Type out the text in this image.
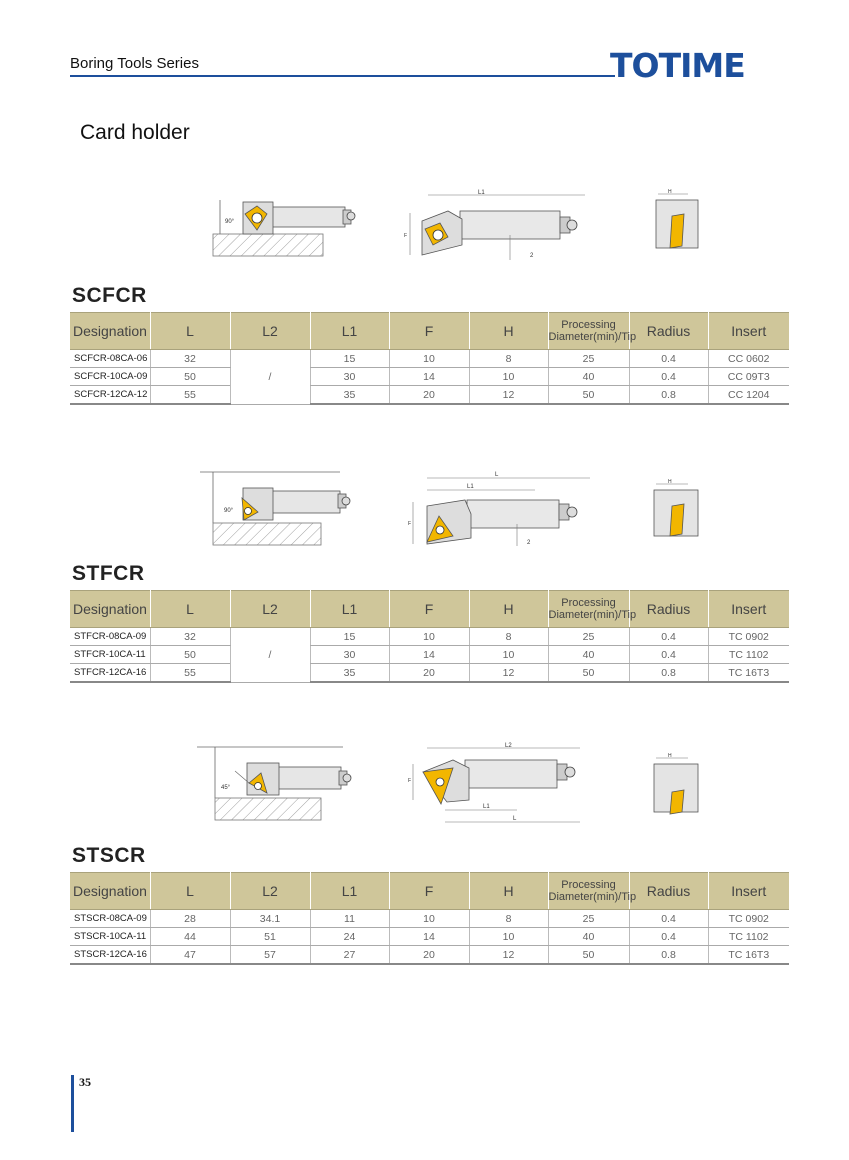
Boring Tools Series	TOTIME
Card holder
90°
L1
F
2
H
SCFCR
Designation	L	L2	L1	F	H	Processing
Diameter(min)/Tip	Radius	Insert
SCFCR-08CA-06	32	/	15	10	8	25	0.4	CC 0602
SCFCR-10CA-09	50		30	14	10	40	0.4	CC 09T3
SCFCR-12CA-12	55		35	20	12	50	0.8	CC 1204
90°
L
L1
F
2
H
STFCR
Designation	L	L2	L1	F	H	Processing
Diameter(min)/Tip	Radius	Insert
STFCR-08CA-09	32	/	15	10	8	25	0.4	TC 0902
STFCR-10CA-11	50		30	14	10	40	0.4	TC 1102
STFCR-12CA-16	55		35	20	12	50	0.8	TC 16T3
45°
L2
F
L1
L
H
STSCR
Designation	L	L2	L1	F	H	Processing
Diameter(min)/Tip	Radius	Insert
STSCR-08CA-09	28	34.1	11	10	8	25	0.4	TC 0902
STSCR-10CA-11	44	51	24	14	10	40	0.4	TC 1102
STSCR-12CA-16	47	57	27	20	12	50	0.8	TC 16T3
35
